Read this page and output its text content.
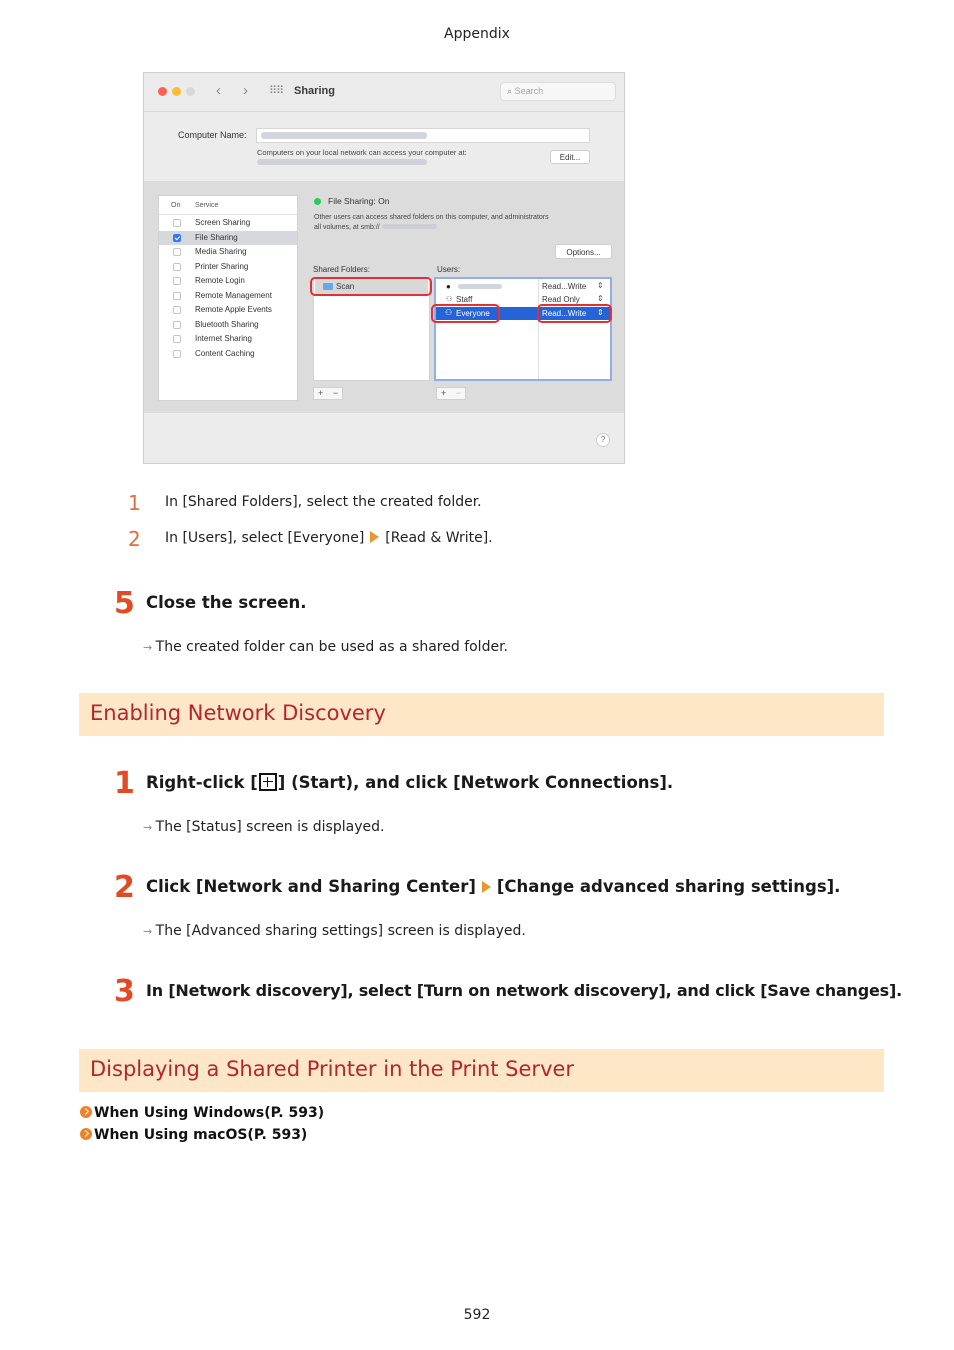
Appendix
‹ › ⠿⠿ Sharing	⌕ Search
Computer Name:
Computers on your local network can access your computer at:
Edit...
On Service
Screen Sharing
File Sharing
Media Sharing
Printer Sharing
Remote Login
Remote Management
Remote Apple Events
Bluetooth Sharing
Internet Sharing
Content Caching
File Sharing: On
Other users can access shared folders on this computer, and administrators
all volumes, at smb://
Options...
Shared Folders:	Users:
Scan	●	Read...Write ⇕
⚇ Staff	Read Only ⇕
⚇ Everyone	Read...Write ⇕
+ −	+ −
?
1 In [Shared Folders], select the created folder.
2 In [Users], select [Everyone] [Read & Write].
5 Close the screen.
→ The created folder can be used as a shared folder.
Enabling Network Discovery
1 Right-click [ ] (Start), and click [Network Connections].
→ The [Status] screen is displayed.
2 Click [Network and Sharing Center] [Change advanced sharing settings].
→ The [Advanced sharing settings] screen is displayed.
3 In [Network discovery], select [Turn on network discovery], and click [Save changes].
Displaying a Shared Printer in the Print Server
When Using Windows(P. 593)
When Using macOS(P. 593)
592
